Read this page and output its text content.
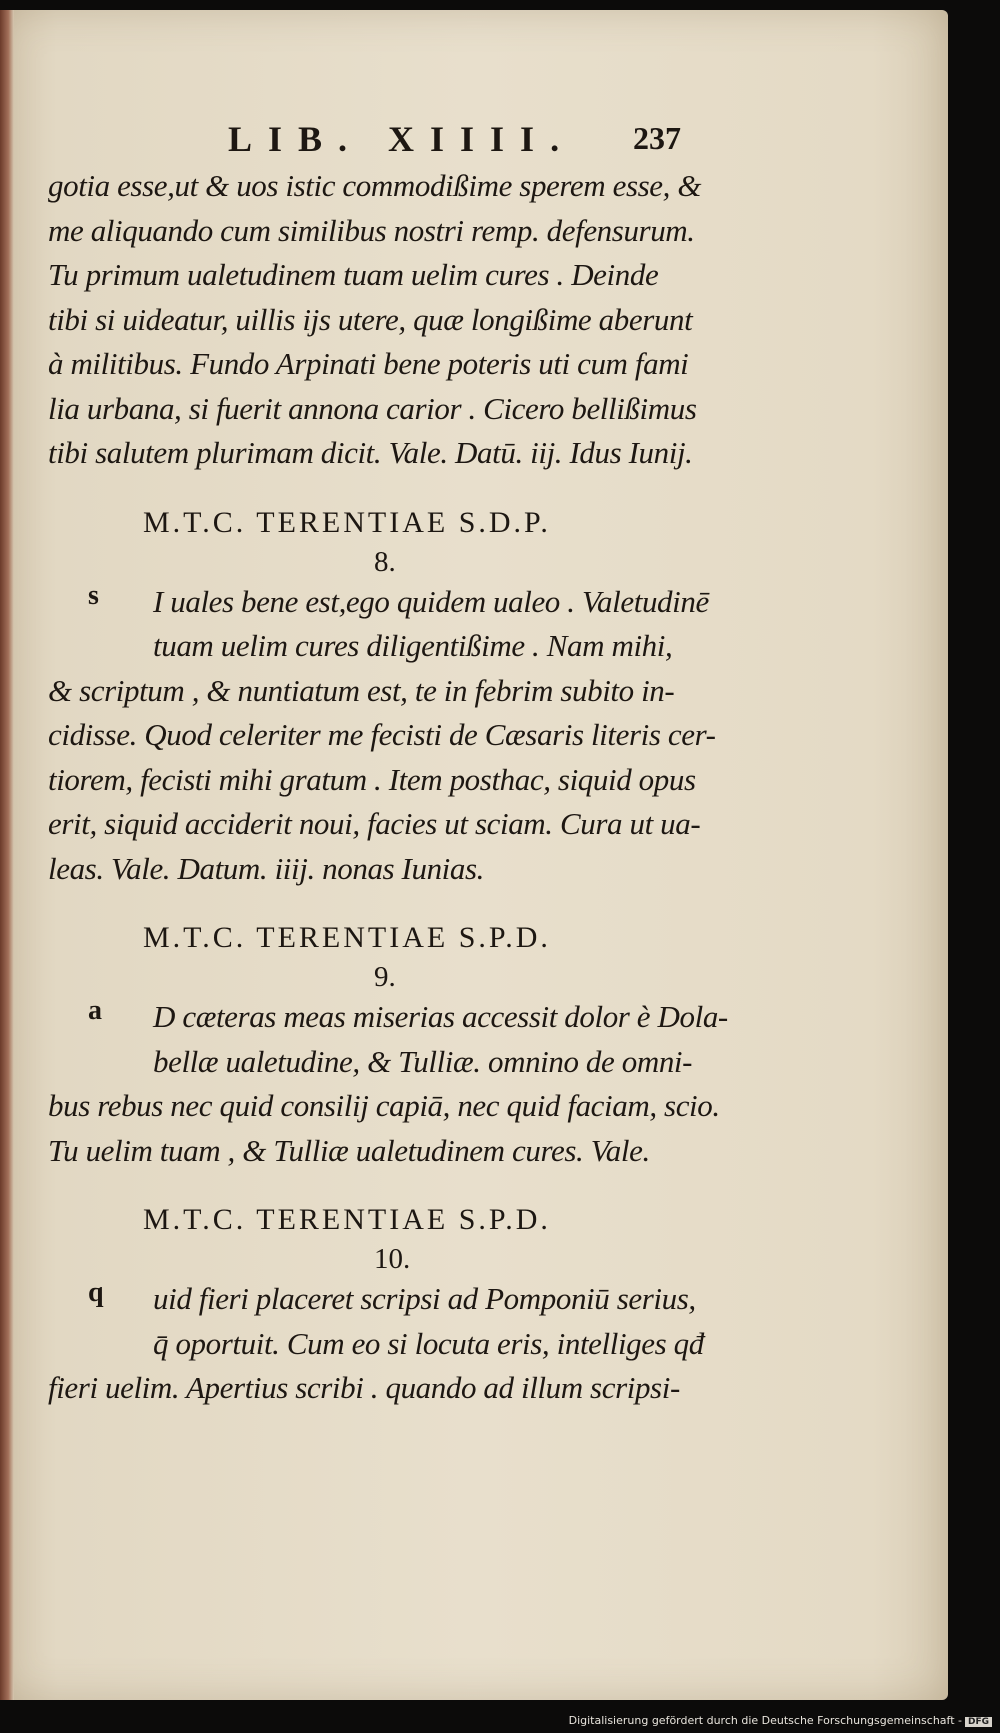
LIB. XIIII. 237
gotia esse,ut & uos istic commodißime sperem esse, &
me aliquando cum similibus nostri remp. defensurum.
Tu primum ualetudinem tuam uelim cures . Deinde
tibi si uideatur, uillis ijs utere, quæ longißime aberunt
à militibus. Fundo Arpinati bene poteris uti cum fami
lia urbana, si fuerit annona carior . Cicero bellißimus
tibi salutem plurimam dicit. Vale. Datū. iij. Idus Iunij.
M.T.C. TERENTIAE S.D.P.
8.
s	I uales bene est,ego quidem ualeo . Valetudinē
tuam uelim cures diligentißime . Nam mihi,
& scriptum , & nuntiatum est, te in febrim subito in-
cidisse. Quod celeriter me fecisti de Cæsaris literis cer-
tiorem, fecisti mihi gratum . Item posthac, siquid opus
erit, siquid acciderit noui, facies ut sciam. Cura ut ua-
leas. Vale. Datum. iiij. nonas Iunias.
M.T.C. TERENTIAE S.P.D.
9.
a	D cæteras meas miserias accessit dolor è Dola-
bellæ ualetudine, & Tulliæ. omnino de omni-
bus rebus nec quid consilij capiā, nec quid faciam, scio.
Tu uelim tuam , & Tulliæ ualetudinem cures. Vale.
M.T.C. TERENTIAE S.P.D.
10.
q	uid fieri placeret scripsi ad Pomponiū serius,
q̄ oportuit. Cum eo si locuta eris, intelliges qđ
fieri uelim. Apertius scribi . quando ad illum scripsi-
Digitalisierung gefördert durch die Deutsche Forschungsgemeinschaft - DFG
